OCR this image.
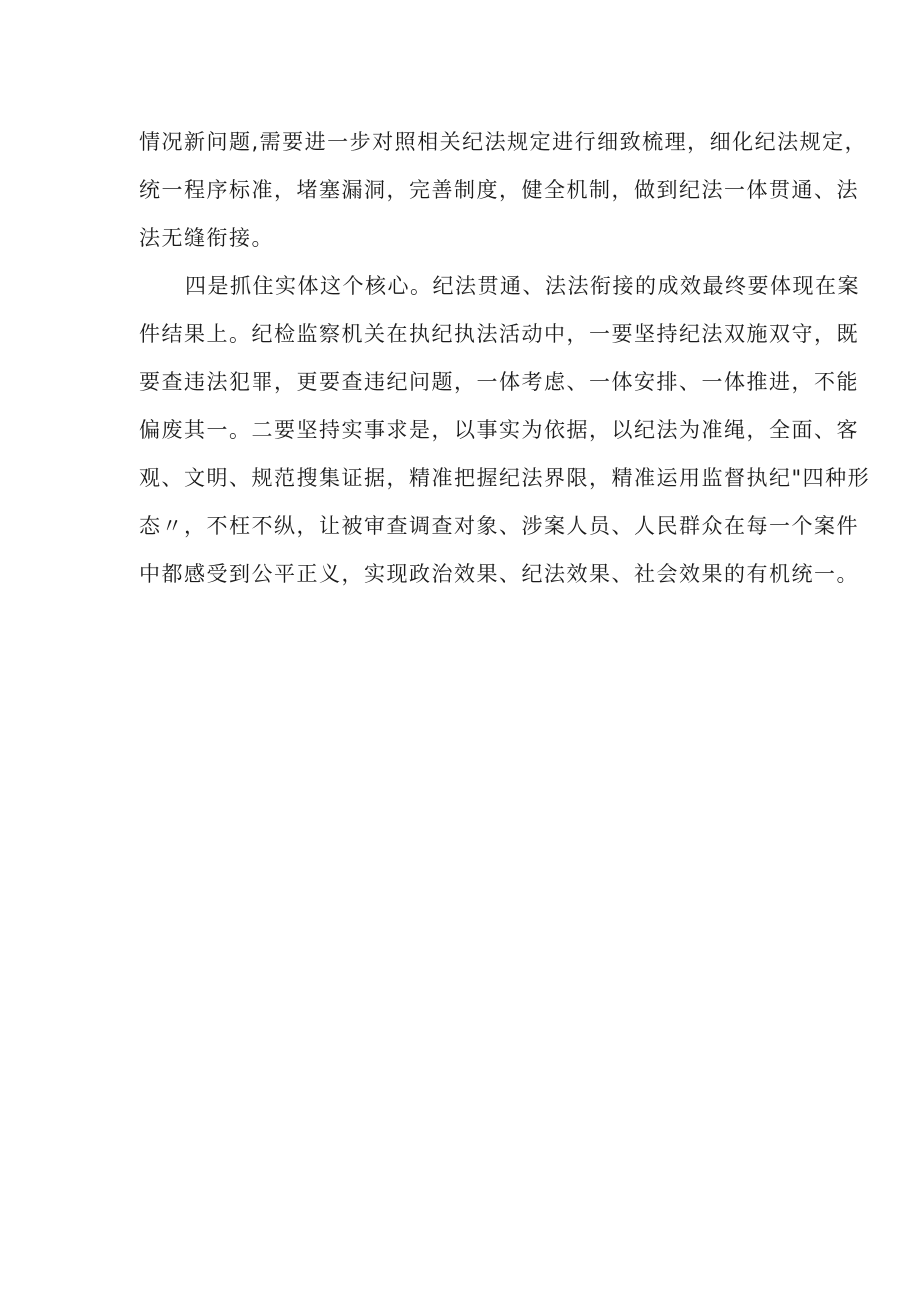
情况新问题,需要进一步对照相关纪法规定进行细致梳理，细化纪法规定，
统一程序标准，堵塞漏洞，完善制度，健全机制，做到纪法一体贯通、法
法无缝衔接。
四是抓住实体这个核心。纪法贯通、法法衔接的成效最终要体现在案
件结果上。纪检监察机关在执纪执法活动中，一要坚持纪法双施双守，既
要查违法犯罪，更要查违纪问题，一体考虑、一体安排、一体推进，不能
偏废其一。二要坚持实事求是，以事实为依据，以纪法为准绳，全面、客
观、文明、规范搜集证据，精准把握纪法界限，精准运用监督执纪"四种形
态〃，不枉不纵，让被审查调查对象、涉案人员、人民群众在每一个案件
中都感受到公平正义，实现政治效果、纪法效果、社会效果的有机统一。
